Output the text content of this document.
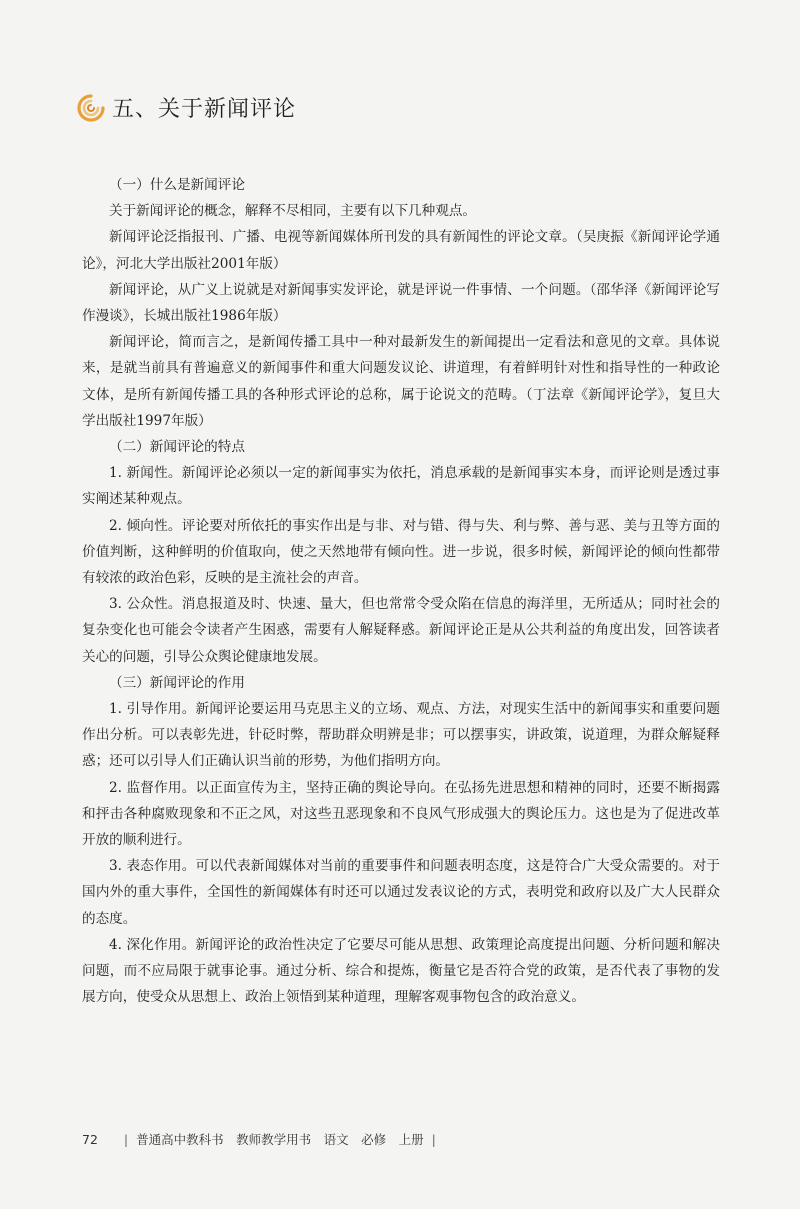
五、关于新闻评论

（一）什么是新闻评论

关于新闻评论的概念，解释不尽相同，主要有以下几种观点。

新闻评论泛指报刊、广播、电视等新闻媒体所刊发的具有新闻性的评论文章。（吴庚振《新闻评论学通论》，河北大学出版社2001年版）

新闻评论，从广义上说就是对新闻事实发评论，就是评说一件事情、一个问题。（邵华泽《新闻评论写作漫谈》，长城出版社1986年版）

新闻评论，简而言之，是新闻传播工具中一种对最新发生的新闻提出一定看法和意见的文章。具体说来，是就当前具有普遍意义的新闻事件和重大问题发议论、讲道理，有着鲜明针对性和指导性的一种政论文体，是所有新闻传播工具的各种形式评论的总称，属于论说文的范畴。（丁法章《新闻评论学》，复旦大学出版社1997年版）

（二）新闻评论的特点

1. 新闻性。新闻评论必须以一定的新闻事实为依托，消息承载的是新闻事实本身，而评论则是透过事实阐述某种观点。

2. 倾向性。评论要对所依托的事实作出是与非、对与错、得与失、利与弊、善与恶、美与丑等方面的价值判断，这种鲜明的价值取向，使之天然地带有倾向性。进一步说，很多时候，新闻评论的倾向性都带有较浓的政治色彩，反映的是主流社会的声音。

3. 公众性。消息报道及时、快速、量大，但也常常令受众陷在信息的海洋里，无所适从；同时社会的复杂变化也可能会令读者产生困惑，需要有人解疑释惑。新闻评论正是从公共利益的角度出发，回答读者关心的问题，引导公众舆论健康地发展。

（三）新闻评论的作用

1. 引导作用。新闻评论要运用马克思主义的立场、观点、方法，对现实生活中的新闻事实和重要问题作出分析。可以表彰先进，针砭时弊，帮助群众明辨是非；可以摆事实，讲政策，说道理，为群众解疑释惑；还可以引导人们正确认识当前的形势，为他们指明方向。

2. 监督作用。以正面宣传为主，坚持正确的舆论导向。在弘扬先进思想和精神的同时，还要不断揭露和抨击各种腐败现象和不正之风，对这些丑恶现象和不良风气形成强大的舆论压力。这也是为了促进改革开放的顺利进行。

3. 表态作用。可以代表新闻媒体对当前的重要事件和问题表明态度，这是符合广大受众需要的。对于国内外的重大事件，全国性的新闻媒体有时还可以通过发表议论的方式，表明党和政府以及广大人民群众的态度。

4. 深化作用。新闻评论的政治性决定了它要尽可能从思想、政策理论高度提出问题、分析问题和解决问题，而不应局限于就事论事。通过分析、综合和提炼，衡量它是否符合党的政策，是否代表了事物的发展方向，使受众从思想上、政治上领悟到某种道理，理解客观事物包含的政治意义。

72 | 普通高中教科书　教师教学用书　语文　必修　上册 |
